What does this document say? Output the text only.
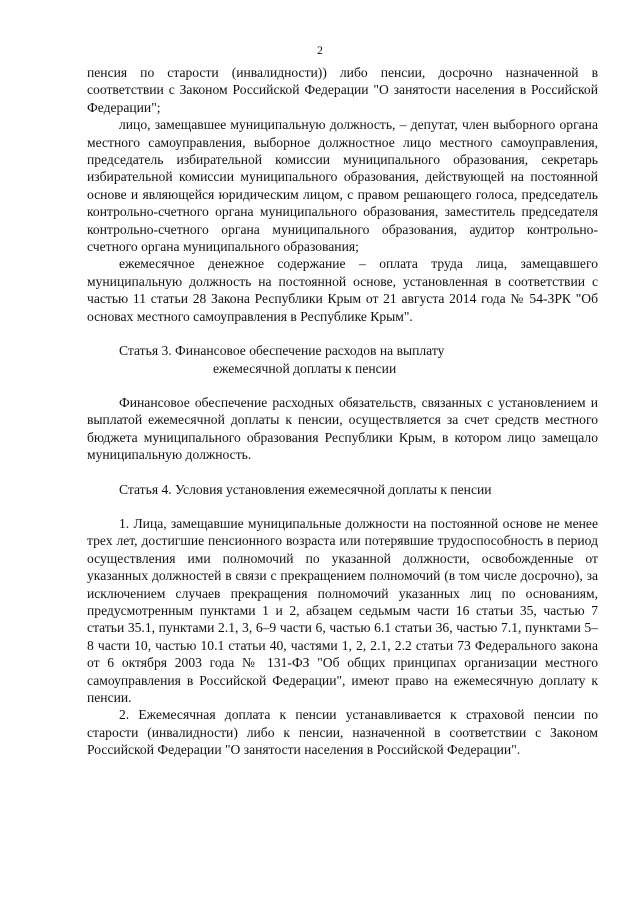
2

пенсия по старости (инвалидности)) либо пенсии, досрочно назначенной в соответствии с Законом Российской Федерации "О занятости населения в Российской Федерации";

лицо, замещавшее муниципальную должность, – депутат, член выборного органа местного самоуправления, выборное должностное лицо местного самоуправления, председатель избирательной комиссии муниципального образования, секретарь избирательной комиссии муниципального образования, действующей на постоянной основе и являющейся юридическим лицом, с правом решающего голоса, председатель контрольно-счетного органа муниципального образования, заместитель председателя контрольно-счетного органа муниципального образования, аудитор контрольно-счетного органа муниципального образования;

ежемесячное денежное содержание – оплата труда лица, замещавшего муниципальную должность на постоянной основе, установленная в соответствии с частью 11 статьи 28 Закона Республики Крым от 21 августа 2014 года № 54-ЗРК "Об основах местного самоуправления в Республике Крым".

Статья 3. Финансовое обеспечение расходов на выплату
ежемесячной доплаты к пенсии

Финансовое обеспечение расходных обязательств, связанных с установлением и выплатой ежемесячной доплаты к пенсии, осуществляется за счет средств местного бюджета муниципального образования Республики Крым, в котором лицо замещало муниципальную должность.

Статья 4. Условия установления ежемесячной доплаты к пенсии

1. Лица, замещавшие муниципальные должности на постоянной основе не менее трех лет, достигшие пенсионного возраста или потерявшие трудоспособность в период осуществления ими полномочий по указанной должности, освобожденные от указанных должностей в связи с прекращением полномочий (в том числе досрочно), за исключением случаев прекращения полномочий указанных лиц по основаниям, предусмотренным пунктами 1 и 2, абзацем седьмым части 16 статьи 35, частью 7 статьи 35.1, пунктами 2.1, 3, 6–9 части 6, частью 6.1 статьи 36, частью 7.1, пунктами 5–8 части 10, частью 10.1 статьи 40, частями 1, 2, 2.1, 2.2 статьи 73 Федерального закона от 6 октября 2003 года № 131-ФЗ "Об общих принципах организации местного самоуправления в Российской Федерации", имеют право на ежемесячную доплату к пенсии.

2. Ежемесячная доплата к пенсии устанавливается к страховой пенсии по старости (инвалидности) либо к пенсии, назначенной в соответствии с Законом Российской Федерации "О занятости населения в Российской Федерации".
